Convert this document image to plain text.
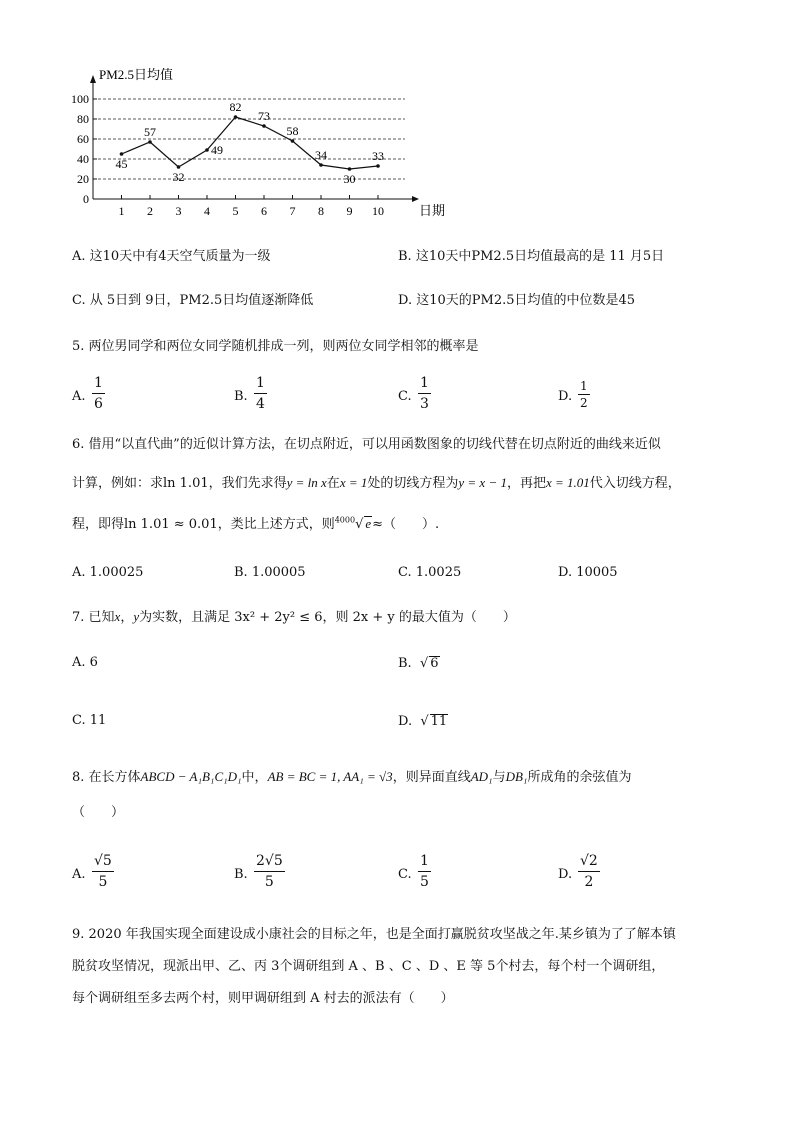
0
20
40
60
80
100
1 2 3 4 5 6 7 8 9 10
PM2.5日均值
日期
45
57
32
49
82
73
58
34
30
33
A. 这10天中有4天空气质量为一级	B. 这10天中PM2.5日均值最高的是 11 月5日
C. 从 5日到 9日，PM2.5日均值逐渐降低	D. 这10天的PM2.5日均值的中位数是45
5. 两位男同学和两位女同学随机排成一列，则两位女同学相邻的概率是
A.
1
6	B.
1
4	C.
1
3	D.
1
2
6. 借用“以直代曲”的近似计算方法，在切点附近，可以用函数图象的切线代替在切点附近的曲线来近似
计算，例如：求ln 1.01，我们先求得y = ln x在x = 1处的切线方程为y = x − 1，再把x = 1.01代入切线方程，
程，即得ln 1.01 ≈ 0.01，类比上述方式，则$^{4000}$√ e≈（　　）.
A. 1.00025	B. 1.00005	C. 1.0025	D. 10005
7. 已知x，y为实数，且满足 3x² + 2y² ≤ 6，则 2x + y 的最大值为（　　）
A. 6	B. √ 6
C. 11	D. √ 11
8. 在长方体ABCD − A₁B₁C₁D₁中，AB = BC = 1, AA₁ = √3，则异面直线AD₁与DB₁所成角的余弦值为
（　　）
A.
√5
5	B.
2√5
5	C.
1
5	D.
√2
2
9. 2020 年我国实现全面建设成小康社会的目标之年，也是全面打赢脱贫攻坚战之年.某乡镇为了了解本镇
脱贫攻坚情况，现派出甲、乙、丙 3个调研组到 A 、B 、C 、D 、E 等 5个村去，每个村一个调研组，
每个调研组至多去两个村，则甲调研组到 A 村去的派法有（　　）
